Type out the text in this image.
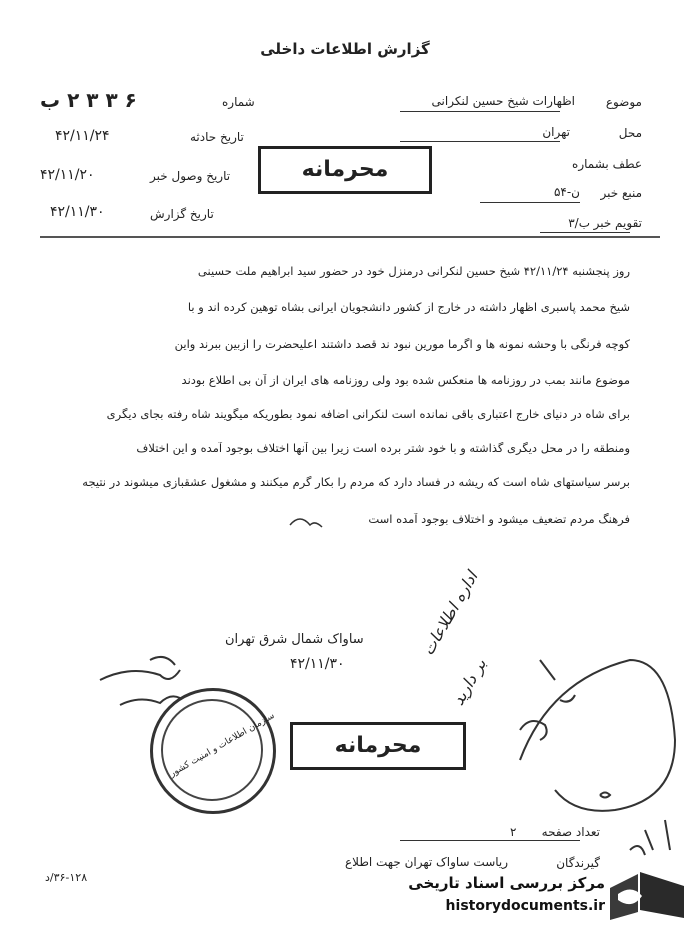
گزارش اطلاعات داخلی
موضوع
اظهارات شیخ حسین لنکرانی
محل
تهران
عطف بشماره
منبع خبر
ن-۵۴
تقویم خبر
ب/۳
شماره
۶ ۳ ۳ ۲ ب
تاریخ حادثه
۴۲/۱۱/۲۴
تاریخ وصول خبر
۴۲/۱۱/۲۰
تاریخ گزارش
۴۲/۱۱/۳۰
محرمانه
روز پنجشنبه ۴۲/۱۱/۲۴ شیخ حسین لنکرانی درمنزل خود در حضور سید ابراهیم ملت حسینی
شیخ محمد پاسبری اظهار داشته در خارج از کشور دانشجویان ایرانی بشاه توهین کرده اند و با
کوچه فرنگی با وحشه نمونه ها و اگرما مورین نبود ند قصد داشتند اعلیحضرت را ازبین ببرند واین
موضوع مانند بمب در روزنامه ها منعکس شده بود ولی روزنامه های ایران از آن بی اطلاع بودند
برای شاه در دنیای خارج اعتباری باقی نمانده است لنکرانی اضافه نمود بطوریکه میگویند شاه رفته بجای دیگری
ومنطقه را در محل دیگری گذاشته و با خود شتر برده است زیرا بین آنها اختلاف بوجود آمده و این اختلاف
برسر سیاستهای شاه است که ریشه در فساد دارد که مردم را بکار گرم میکنند و مشغول عشقبازی میشوند در نتیجه
فرهنگ مردم تضعیف میشود و اختلاف بوجود آمده است
ساواک شمال شرق تهران
۴۲/۱۱/۳۰
اداره اطلاعات
بر دارید
محرمانه
سازمان اطلاعات و امنیت کشور
تعداد صفحه
۲
گیرندگان
ریاست ساواک تهران جهت اطلاع
۳۶-۱۲۸/د	مرکز بررسی اسناد تاریخی
historydocuments.ir
